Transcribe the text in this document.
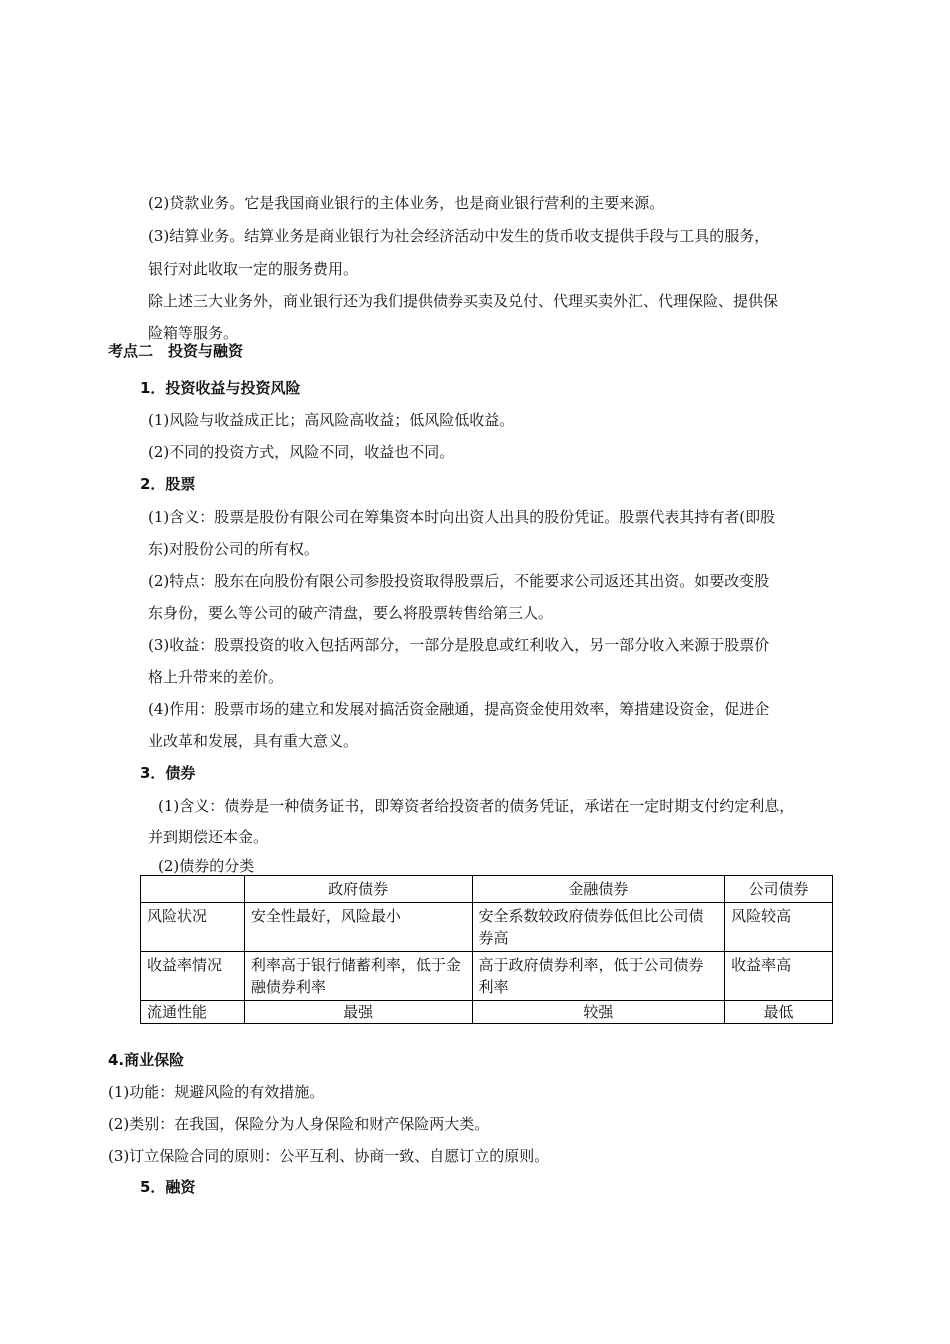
(2)贷款业务。它是我国商业银行的主体业务，也是商业银行营利的主要来源。
(3)结算业务。结算业务是商业银行为社会经济活动中发生的货币收支提供手段与工具的服务，
银行对此收取一定的服务费用。
除上述三大业务外，商业银行还为我们提供债券买卖及兑付、代理买卖外汇、代理保险、提供保
险箱等服务。
考点二　投资与融资
1．投资收益与投资风险
(1)风险与收益成正比；高风险高收益；低风险低收益。
(2)不同的投资方式，风险不同，收益也不同。
2．股票
(1)含义：股票是股份有限公司在筹集资本时向出资人出具的股份凭证。股票代表其持有者(即股
东)对股份公司的所有权。
(2)特点：股东在向股份有限公司参股投资取得股票后，不能要求公司返还其出资。如要改变股
东身份，要么等公司的破产清盘，要么将股票转售给第三人。
(3)收益：股票投资的收入包括两部分，一部分是股息或红利收入，另一部分收入来源于股票价
格上升带来的差价。
(4)作用：股票市场的建立和发展对搞活资金融通，提高资金使用效率，筹措建设资金，促进企
业改革和发展，具有重大意义。
3．债券
(1)含义：债券是一种债务证书，即筹资者给投资者的债务凭证，承诺在一定时期支付约定利息，
并到期偿还本金。
(2)债券的分类
	政府债券	金融债券	公司债券
风险状况	安全性最好，风险最小	安全系数较政府债券低但比公司债券高	风险较高
收益率情况	利率高于银行储蓄利率，低于金融债券利率	高于政府债券利率，低于公司债券利率	收益率高
流通性能	最强	较强	最低
4.商业保险
(1)功能：规避风险的有效措施。
(2)类别：在我国，保险分为人身保险和财产保险两大类。
(3)订立保险合同的原则：公平互利、协商一致、自愿订立的原则。
5．融资
